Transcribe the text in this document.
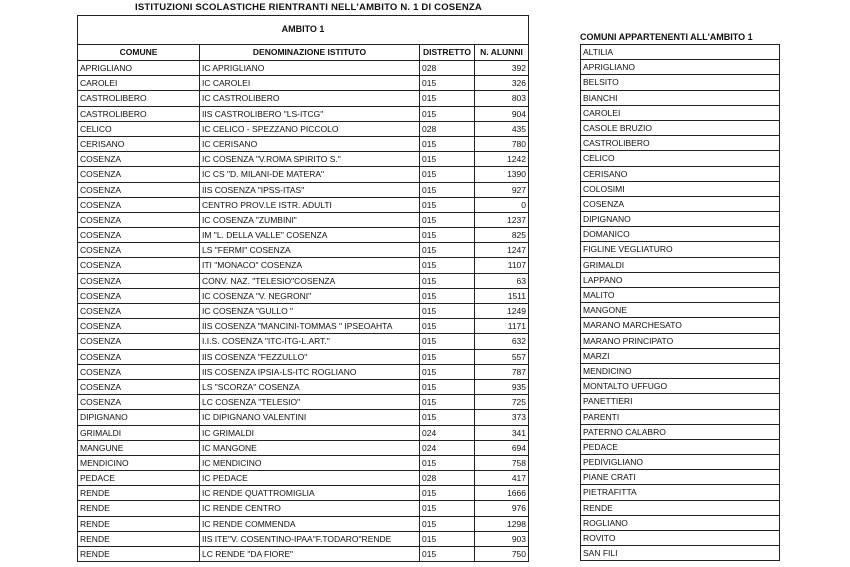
ISTITUZIONI SCOLASTICHE RIENTRANTI NELL'AMBITO N. 1 DI COSENZA
AMBITO 1
COMUNE	DENOMINAZIONE ISTITUTO	DISTRETTO	N. ALUNNI
APRIGLIANO	IC APRIGLIANO	028	392
CAROLEI	IC CAROLEI	015	326
CASTROLIBERO	IC CASTROLIBERO	015	803
CASTROLIBERO	IIS CASTROLIBERO "LS-ITCG"	015	904
CELICO	IC CELICO - SPEZZANO PICCOLO	028	435
CERISANO	IC CERISANO	015	780
COSENZA	IC COSENZA "V.ROMA SPIRITO S."	015	1242
COSENZA	IC CS "D. MILANI-DE MATERA"	015	1390
COSENZA	IIS COSENZA "IPSS-ITAS"	015	927
COSENZA	CENTRO PROV.LE ISTR. ADULTI	015	0
COSENZA	IC COSENZA "ZUMBINI"	015	1237
COSENZA	IM "L. DELLA VALLE" COSENZA	015	825
COSENZA	LS "FERMI" COSENZA	015	1247
COSENZA	ITI "MONACO" COSENZA	015	1107
COSENZA	CONV. NAZ. "TELESIO"COSENZA	015	63
COSENZA	IC COSENZA "V. NEGRONI"	015	1511
COSENZA	IC COSENZA "GULLO "	015	1249
COSENZA	IIS COSENZA "MANCINI-TOMMAS " IPSEOAHTA	015	1171
COSENZA	I.I.S. COSENZA "ITC-ITG-L.ART."	015	632
COSENZA	IIS COSENZA "FEZZULLO"	015	557
COSENZA	IIS COSENZA IPSIA-LS-ITC ROGLIANO	015	787
COSENZA	LS "SCORZA" COSENZA	015	935
COSENZA	LC COSENZA "TELESIO"	015	725
DIPIGNANO	IC DIPIGNANO VALENTINI	015	373
GRIMALDI	IC GRIMALDI	024	341
MANGUNE	IC MANGONE	024	694
MENDICINO	IC MENDICINO	015	758
PEDACE	IC PEDACE	028	417
RENDE	IC RENDE QUATTROMIGLIA	015	1666
RENDE	IC RENDE CENTRO	015	976
RENDE	IC RENDE COMMENDA	015	1298
RENDE	IIS ITE"V. COSENTINO-IPAA"F.TODARO"RENDE	015	903
RENDE	LC RENDE "DA FIORE"	015	750
COMUNI APPARTENENTI ALL'AMBITO 1
ALTILIA
APRIGLIANO
BELSITO
BIANCHI
CAROLEI
CASOLE BRUZIO
CASTROLIBERO
CELICO
CERISANO
COLOSIMI
COSENZA
DIPIGNANO
DOMANICO
FIGLINE VEGLIATURO
GRIMALDI
LAPPANO
MALITO
MANGONE
MARANO MARCHESATO
MARANO PRINCIPATO
MARZI
MENDICINO
MONTALTO UFFUGO
PANETTIERI
PARENTI
PATERNO CALABRO
PEDACE
PEDIVIGLIANO
PIANE CRATI
PIETRAFITTA
RENDE
ROGLIANO
ROVITO
SAN FILI
